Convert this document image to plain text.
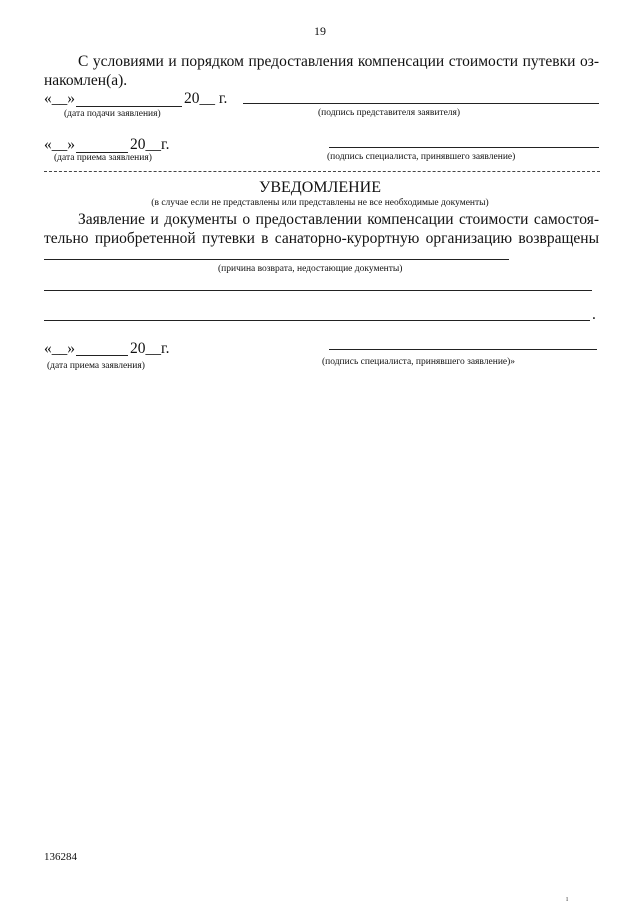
19
С условиями и порядком предоставления компенсации стоимости путевки оз-
накомлен(а).
«__»	20__ г.
(дата подачи заявления)	(подпись представителя заявителя)
«__»	20__г.
(дата приема заявления)	(подпись специалиста, принявшего заявление)
УВЕДОМЛЕНИЕ
(в случае если не представлены или представлены не все необходимые документы)
Заявление и документы о предоставлении компенсации стоимости самостоя-
тельно приобретенной путевки в санаторно-курортную организацию возвращены
(причина возврата, недостающие документы)
.
«__»	20__г.
(дата приема заявления)	(подпись специалиста, принявшего заявление)»
136284
ı
